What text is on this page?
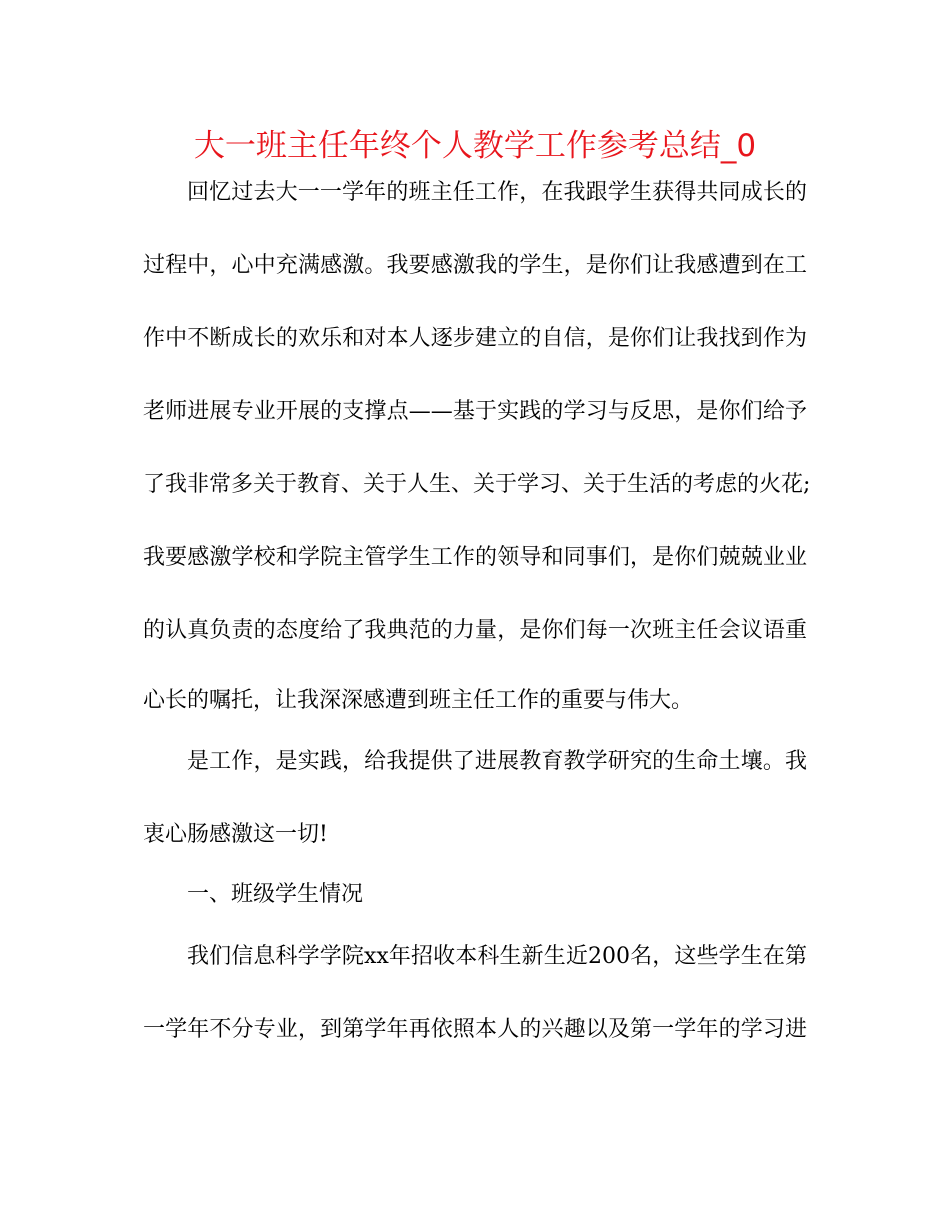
大一班主任年终个人教学工作参考总结_0
回忆过去大一一学年的班主任工作，在我跟学生获得共同成长的
过程中，心中充满感激。我要感激我的学生，是你们让我感遭到在工
作中不断成长的欢乐和对本人逐步建立的自信，是你们让我找到作为
老师进展专业开展的支撑点——基于实践的学习与反思，是你们给予
了我非常多关于教育、关于人生、关于学习、关于生活的考虑的火花;
我要感激学校和学院主管学生工作的领导和同事们，是你们兢兢业业
的认真负责的态度给了我典范的力量，是你们每一次班主任会议语重
心长的嘱托，让我深深感遭到班主任工作的重要与伟大。
是工作，是实践，给我提供了进展教育教学研究的生命土壤。我
衷心肠感激这一切!
一、班级学生情况
我们信息科学学院xx年招收本科生新生近200名，这些学生在第
一学年不分专业，到第学年再依照本人的兴趣以及第一学年的学习进
